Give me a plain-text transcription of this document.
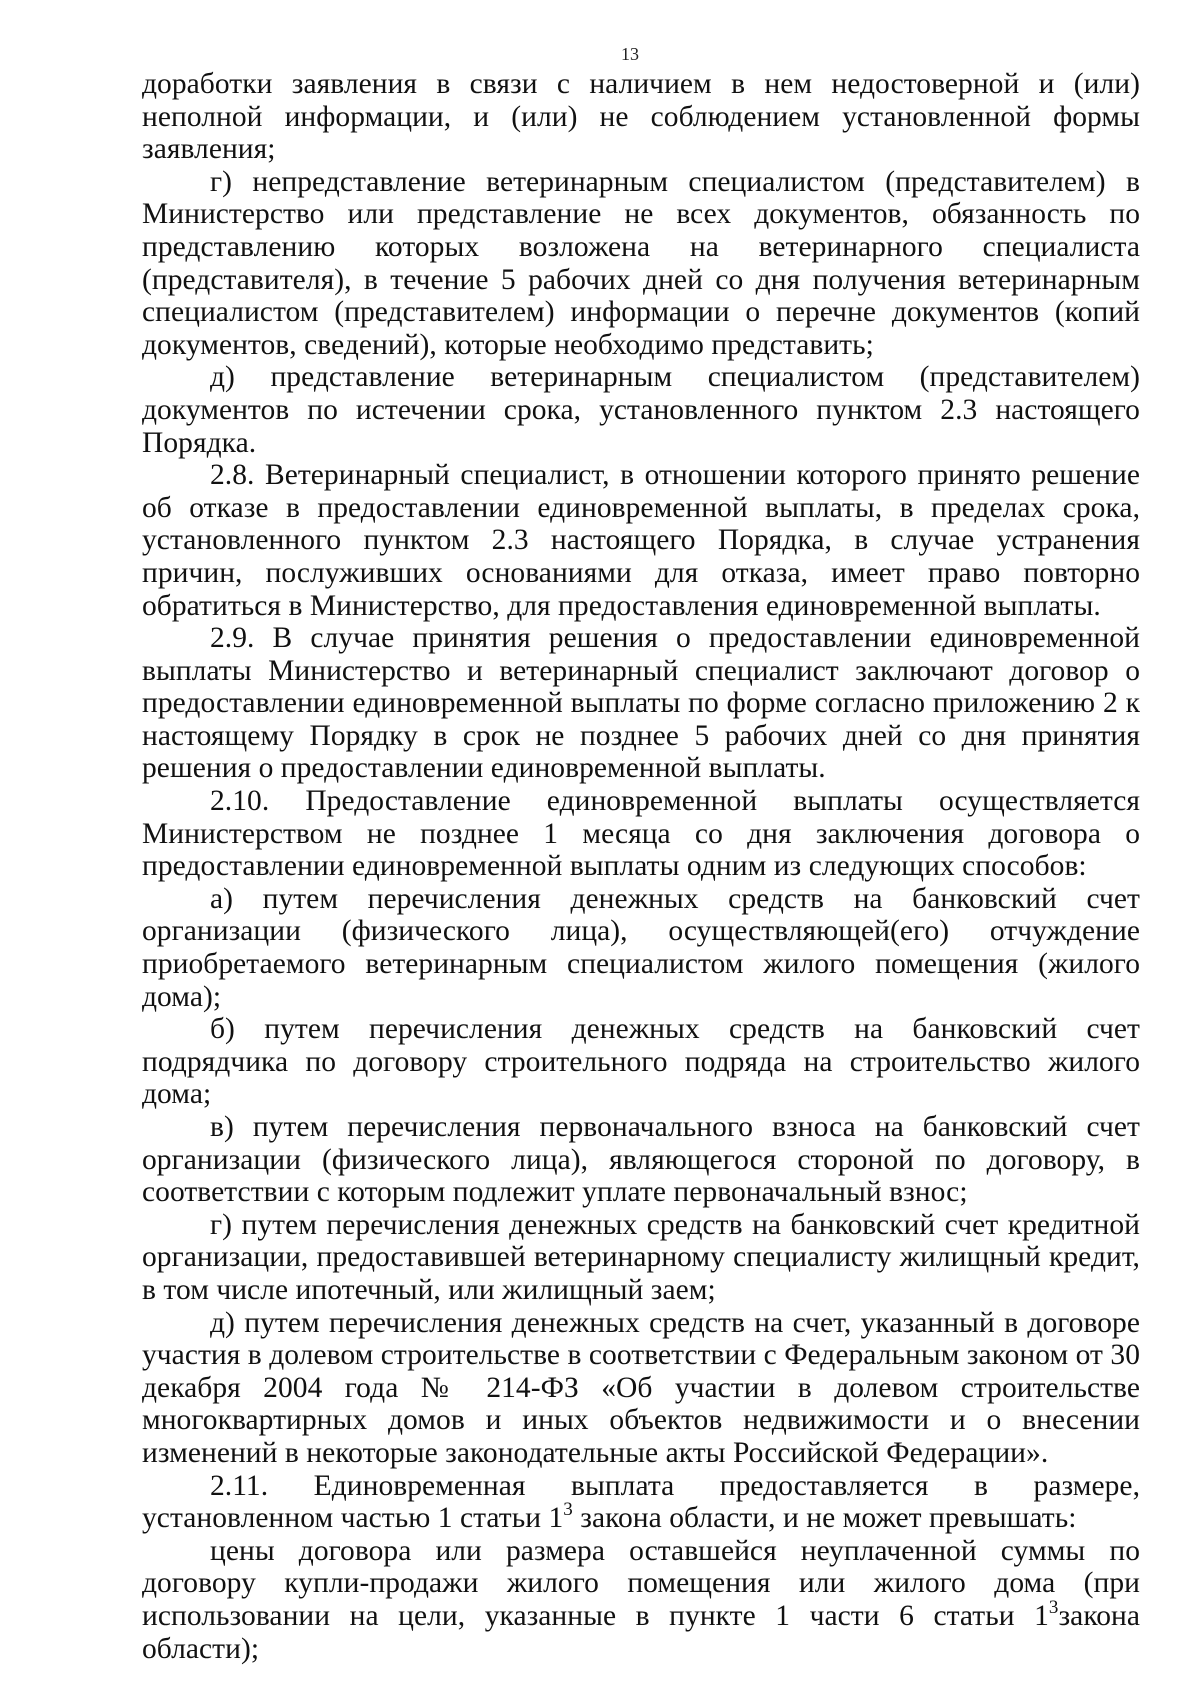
13

доработки заявления в связи с наличием в нем недостоверной и (или) неполной информации, и (или) не соблюдением установленной формы заявления;

г) непредставление ветеринарным специалистом (представителем) в Министерство или представление не всех документов, обязанность по представлению которых возложена на ветеринарного специалиста (представителя), в течение 5 рабочих дней со дня получения ветеринарным специалистом (представителем) информации о перечне документов (копий документов, сведений), которые необходимо представить;

д) представление ветеринарным специалистом (представителем) документов по истечении срока, установленного пунктом 2.3 настоящего Порядка.

2.8. Ветеринарный специалист, в отношении которого принято решение об отказе в предоставлении единовременной выплаты, в пределах срока, установленного пунктом 2.3 настоящего Порядка, в случае устранения причин, послуживших основаниями для отказа, имеет право повторно обратиться в Министерство, для предоставления единовременной выплаты.

2.9. В случае принятия решения о предоставлении единовременной выплаты Министерство и ветеринарный специалист заключают договор о предоставлении единовременной выплаты по форме согласно приложению 2 к настоящему Порядку в срок не позднее 5 рабочих дней со дня принятия решения о предоставлении единовременной выплаты.

2.10. Предоставление единовременной выплаты осуществляется Министерством не позднее 1 месяца со дня заключения договора о предоставлении единовременной выплаты одним из следующих способов:

а) путем перечисления денежных средств на банковский счет организации (физического лица), осуществляющей(его) отчуждение приобретаемого ветеринарным специалистом жилого помещения (жилого дома);

б) путем перечисления денежных средств на банковский счет подрядчика по договору строительного подряда на строительство жилого дома;

в) путем перечисления первоначального взноса на банковский счет организации (физического лица), являющегося стороной по договору, в соответствии с которым подлежит уплате первоначальный взнос;

г) путем перечисления денежных средств на банковский счет кредитной организации, предоставившей ветеринарному специалисту жилищный кредит, в том числе ипотечный, или жилищный заем;

д) путем перечисления денежных средств на счет, указанный в договоре участия в долевом строительстве в соответствии с Федеральным законом от 30 декабря 2004 года № 214-ФЗ «Об участии в долевом строительстве многоквартирных домов и иных объектов недвижимости и о внесении изменений в некоторые законодательные акты Российской Федерации».

2.11. Единовременная выплата предоставляется в размере, установленном частью 1 статьи $1^3$ закона области, и не может превышать:

цены договора или размера оставшейся неуплаченной суммы по договору купли-продажи жилого помещения или жилого дома (при использовании на цели, указанные в пункте 1 части 6 статьи $1^3закона$ области);
